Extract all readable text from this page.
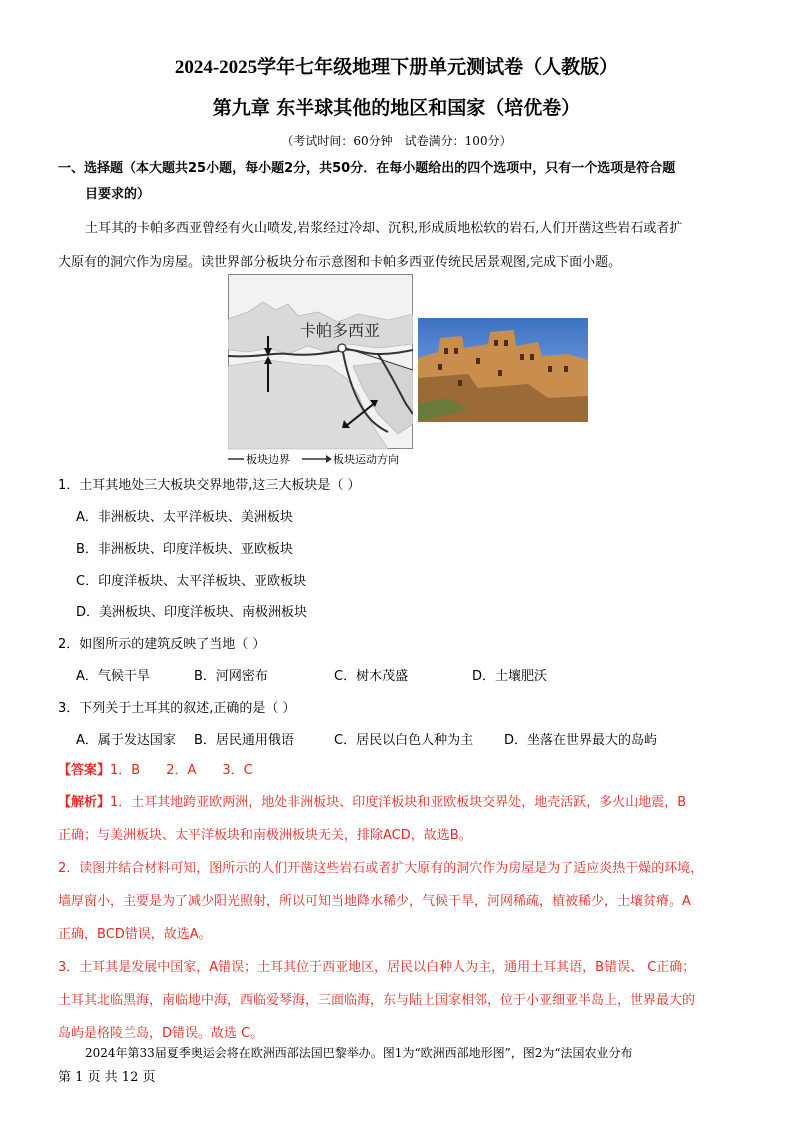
2024-2025学年七年级地理下册单元测试卷（人教版）
第九章 东半球其他的地区和国家（培优卷）
（考试时间：60分钟　试卷满分：100分）
一、选择题（本大题共25小题，每小题2分，共50分．在每小题给出的四个选项中，只有一个选项是符合题
目要求的）
土耳其的卡帕多西亚曾经有火山喷发,岩浆经过冷却、沉积,形成质地松软的岩石,人们开凿这些岩石或者扩
大原有的洞穴作为房屋。读世界部分板块分布示意图和卡帕多西亚传统民居景观图,完成下面小题。
卡帕多西亚
板块边界	板块运动方向
1．土耳其地处三大板块交界地带,这三大板块是（ ）
A．非洲板块、太平洋板块、美洲板块
B．非洲板块、印度洋板块、亚欧板块
C．印度洋板块、太平洋板块、亚欧板块
D．美洲板块、印度洋板块、南极洲板块
2．如图所示的建筑反映了当地（ ）
A．气候干旱	B．河网密布	C．树木茂盛	D．土壤肥沃
3．下列关于土耳其的叙述,正确的是（ ）
A．属于发达国家 B．居民通用俄语	C．居民以白色人种为主 D．坐落在世界最大的岛屿
【答案】1．B　　2．A　　3．C
【解析】1．土耳其地跨亚欧两洲，地处非洲板块、印度洋板块和亚欧板块交界处，地壳活跃，多火山地震，B
正确；与美洲板块、太平洋板块和南极洲板块无关，排除ACD，故选B。
2．读图并结合材料可知，图所示的人们开凿这些岩石或者扩大原有的洞穴作为房屋是为了适应炎热干燥的环境，
墙厚窗小，主要是为了减少阳光照射，所以可知当地降水稀少，气候干旱，河网稀疏，植被稀少，土壤贫瘠。A
正确，BCD错误，故选A。
3．土耳其是发展中国家，A错误；土耳其位于西亚地区，居民以白种人为主，通用土耳其语，B错误、 C正确；
土耳其北临黑海，南临地中海，西临爱琴海，三面临海，东与陆上国家相邻，位于小亚细亚半岛上，世界最大的
岛屿是格陵兰岛，D错误。故选 C。
2024年第33届夏季奥运会将在欧洲西部法国巴黎举办。图1为“欧洲西部地形图”，图2为“法国农业分布
第 1 页 共 12 页
